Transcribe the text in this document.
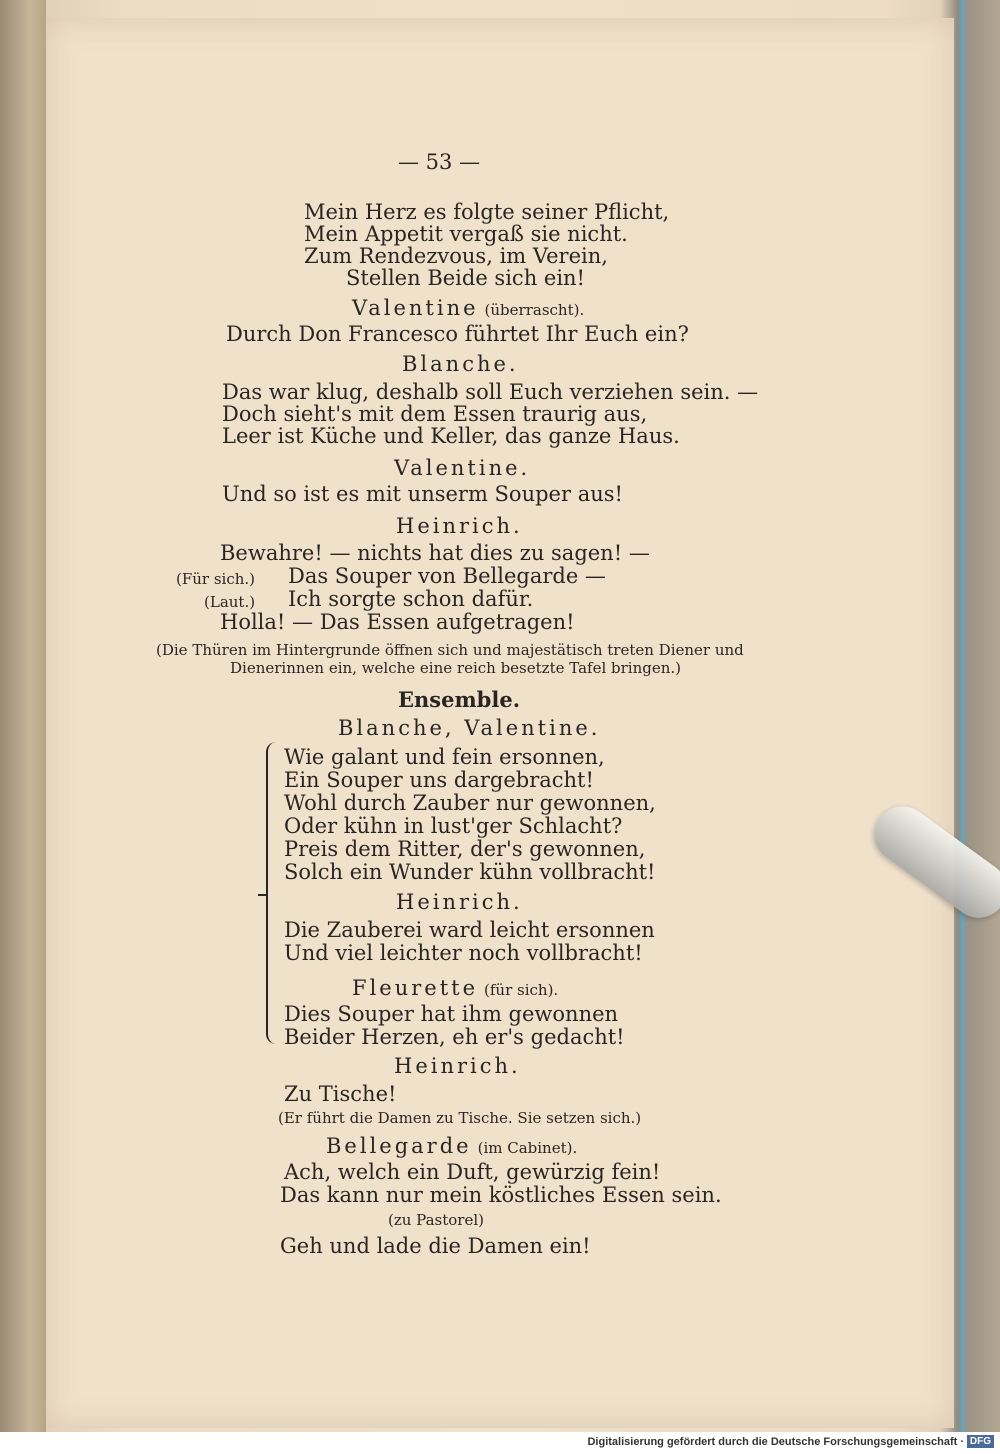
— 53 —
Mein Herz es folgte seiner Pflicht,
Mein Appetit vergaß sie nicht.
Zum Rendezvous, im Verein,
Stellen Beide sich ein!
Valentine (überrascht).
Durch Don Francesco führtet Ihr Euch ein?
Blanche.
Das war klug, deshalb soll Euch verziehen sein. —
Doch sieht's mit dem Essen traurig aus,
Leer ist Küche und Keller, das ganze Haus.
Valentine.
Und so ist es mit unserm Souper aus!
Heinrich.
Bewahre! — nichts hat dies zu sagen! —
(Für sich.) Das Souper von Bellegarde —
(Laut.) Ich sorgte schon dafür.
Holla! — Das Essen aufgetragen!
(Die Thüren im Hintergrunde öffnen sich und majestätisch treten Diener und
Dienerinnen ein, welche eine reich besetzte Tafel bringen.)
Ensemble.
Blanche, Valentine.
Wie galant und fein ersonnen,
Ein Souper uns dargebracht!
Wohl durch Zauber nur gewonnen,
Oder kühn in lust'ger Schlacht?
Preis dem Ritter, der's gewonnen,
Solch ein Wunder kühn vollbracht!
Heinrich.
Die Zauberei ward leicht ersonnen
Und viel leichter noch vollbracht!
Fleurette (für sich).
Dies Souper hat ihm gewonnen
Beider Herzen, eh er's gedacht!
Heinrich.
Zu Tische!
(Er führt die Damen zu Tische. Sie setzen sich.)
Bellegarde (im Cabinet).
Ach, welch ein Duft, gewürzig fein!
Das kann nur mein köstliches Essen sein.
(zu Pastorel)
Geh und lade die Damen ein!
Digitalisierung gefördert durch die Deutsche Forschungsgemeinschaft · DFG
